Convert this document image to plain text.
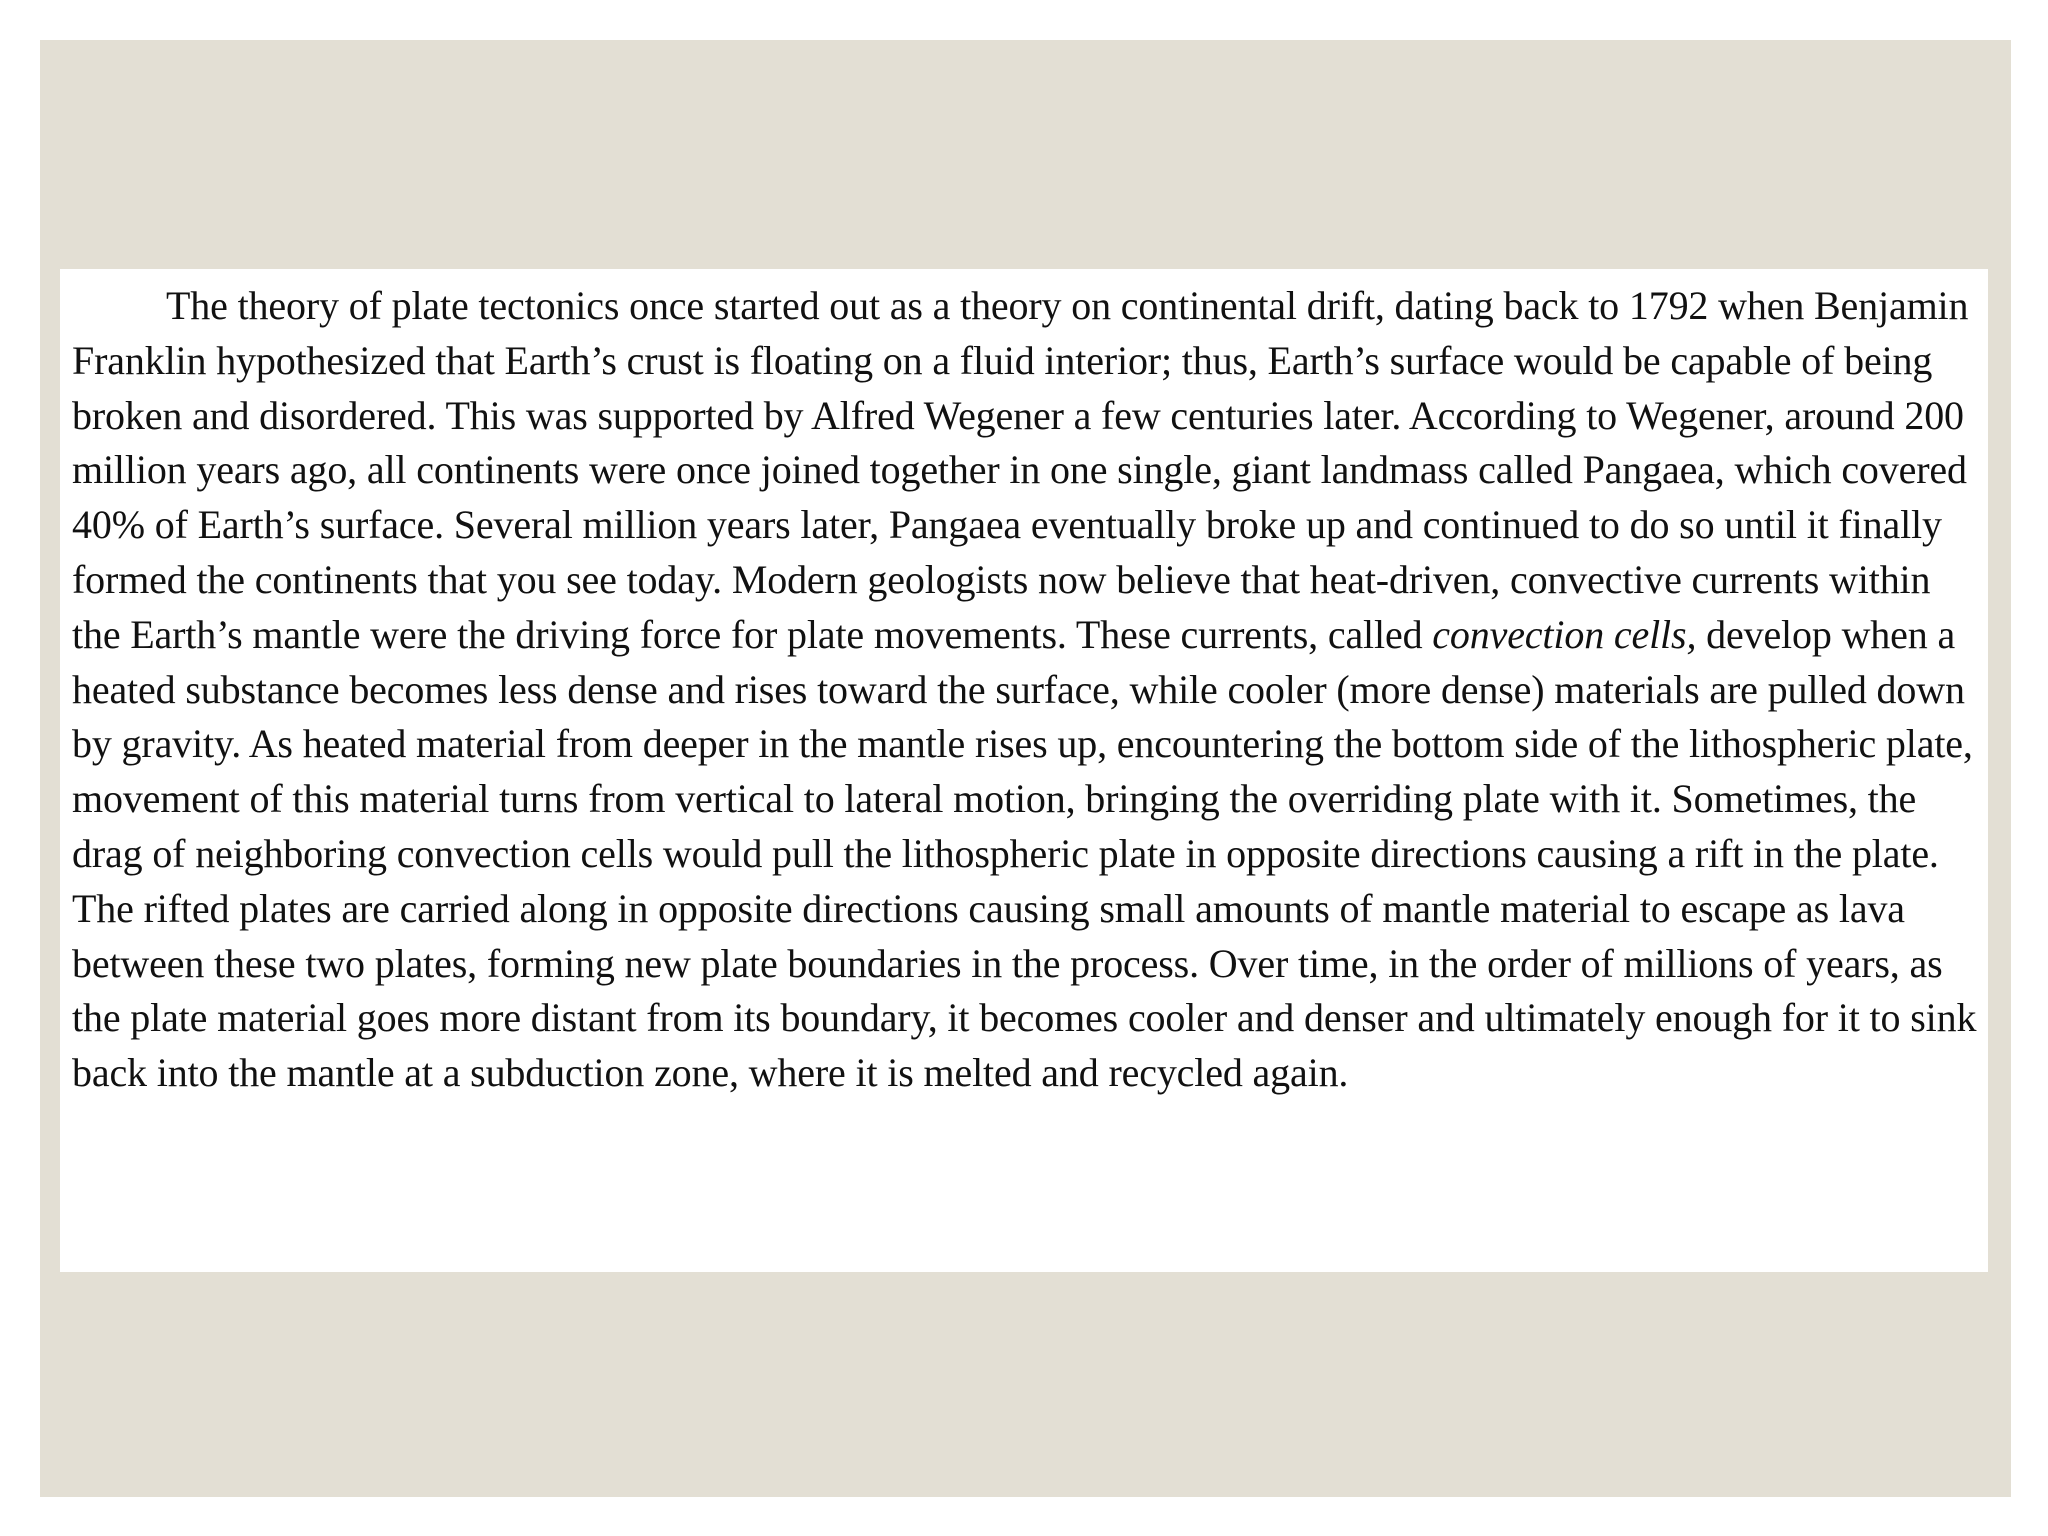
The theory of plate tectonics once started out as a theory on continental drift, dating back to 1792 when Benjamin Franklin hypothesized that Earth’s crust is floating on a fluid interior; thus, Earth’s surface would be capable of being broken and disordered. This was supported by Alfred Wegener a few centuries later. According to Wegener, around 200 million years ago, all continents were once joined together in one single, giant landmass called Pangaea, which covered 40% of Earth’s surface. Several million years later, Pangaea eventually broke up and continued to do so until it finally formed the continents that you see today. Modern geologists now believe that heat-driven, convective currents within the Earth’s mantle were the driving force for plate movements. These currents, called convection cells, develop when a heated substance becomes less dense and rises toward the surface, while cooler (more dense) materials are pulled down by gravity. As heated material from deeper in the mantle rises up, encountering the bottom side of the lithospheric plate, movement of this material turns from vertical to lateral motion, bringing the overriding plate with it. Sometimes, the drag of neighboring convection cells would pull the lithospheric plate in opposite directions causing a rift in the plate. The rifted plates are carried along in opposite directions causing small amounts of mantle material to escape as lava between these two plates, forming new plate boundaries in the process. Over time, in the order of millions of years, as the plate material goes more distant from its boundary, it becomes cooler and denser and ultimately enough for it to sink back into the mantle at a subduction zone, where it is melted and recycled again.
